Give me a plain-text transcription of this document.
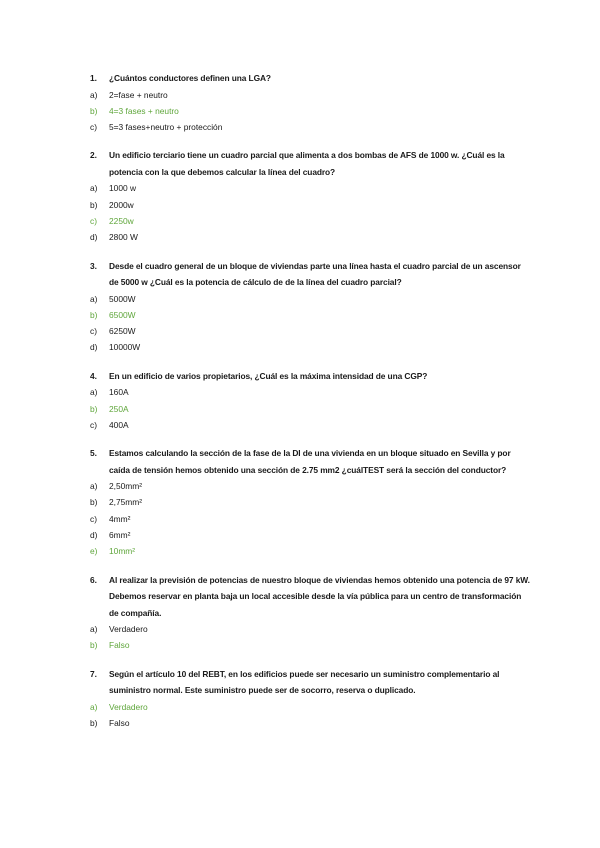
1.	¿Cuántos conductores definen una LGA?
a)	2=fase + neutro
b)	4=3 fases + neutro
c)	5=3 fases+neutro + protección
2.	Un edificio terciario tiene un cuadro parcial que alimenta a dos bombas de AFS de 1000 w. ¿Cuál es la potencia con la que debemos calcular la línea del cuadro?
a)	1000 w
b)	2000w
c)	2250w
d)	2800 W
3.	Desde el cuadro general de un bloque de viviendas parte una línea hasta el cuadro parcial de un ascensor de 5000 w ¿Cuál es la potencia de cálculo de de la línea del cuadro parcial?
a)	5000W
b)	6500W
c)	6250W
d)	10000W
4.	En un edificio de varios propietarios, ¿Cuál es la máxima intensidad de una CGP?
a)	160A
b)	250A
c)	400A
5.	Estamos calculando la sección de la fase de la DI de una vivienda en un bloque situado en Sevilla y por caída de tensión hemos obtenido una sección de 2.75 mm2 ¿cuálTEST será la sección del conductor?
a)	2,50mm²
b)	2,75mm²
c)	4mm²
d)	6mm²
e)	10mm²
6.	Al realizar la previsión de potencias de nuestro bloque de viviendas hemos obtenido una potencia de 97 kW. Debemos reservar en planta baja un local accesible desde la vía pública para un centro de transformación de compañía.
a)	Verdadero
b)	Falso
7.	Según el artículo 10 del REBT, en los edificios puede ser necesario un suministro complementario al suministro normal. Este suministro puede ser de socorro, reserva o duplicado.
a)	Verdadero
b)	Falso
